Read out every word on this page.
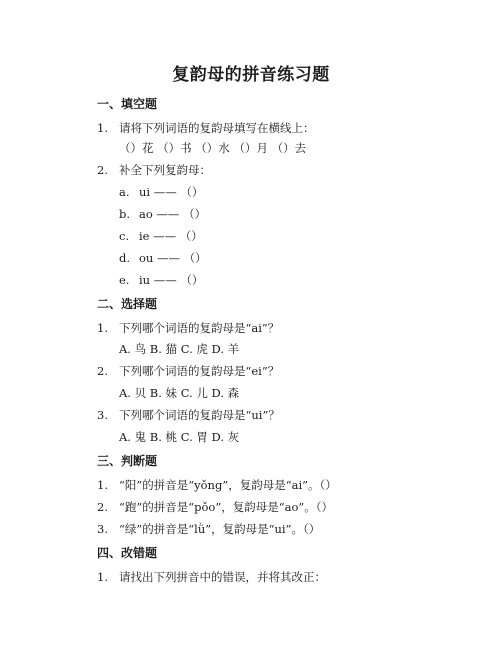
复韵母的拼音练习题
一、填空题
1. 请将下列词语的复韵母填写在横线上：
（）花 （）书 （）水 （）月 （）去
2. 补全下列复韵母：
a. ui —— （）
b. ao —— （）
c. ie —— （）
d. ou —— （）
e. iu —— （）
二、选择题
1. 下列哪个词语的复韵母是“ai”？
A. 鸟 B. 猫 C. 虎 D. 羊
2. 下列哪个词语的复韵母是“ei”？
A. 贝 B. 妹 C. 儿 D. 森
3. 下列哪个词语的复韵母是“ui”？
A. 鬼 B. 桃 C. 胃 D. 灰
三、判断题
1. “阳”的拼音是“yǒng”，复韵母是“ai”。（）
2. “跑”的拼音是“pǒo”，复韵母是“ao”。（）
3. “绿”的拼音是“lǜ”，复韵母是“ui”。（）
四、改错题
1. 请找出下列拼音中的错误，并将其改正：
